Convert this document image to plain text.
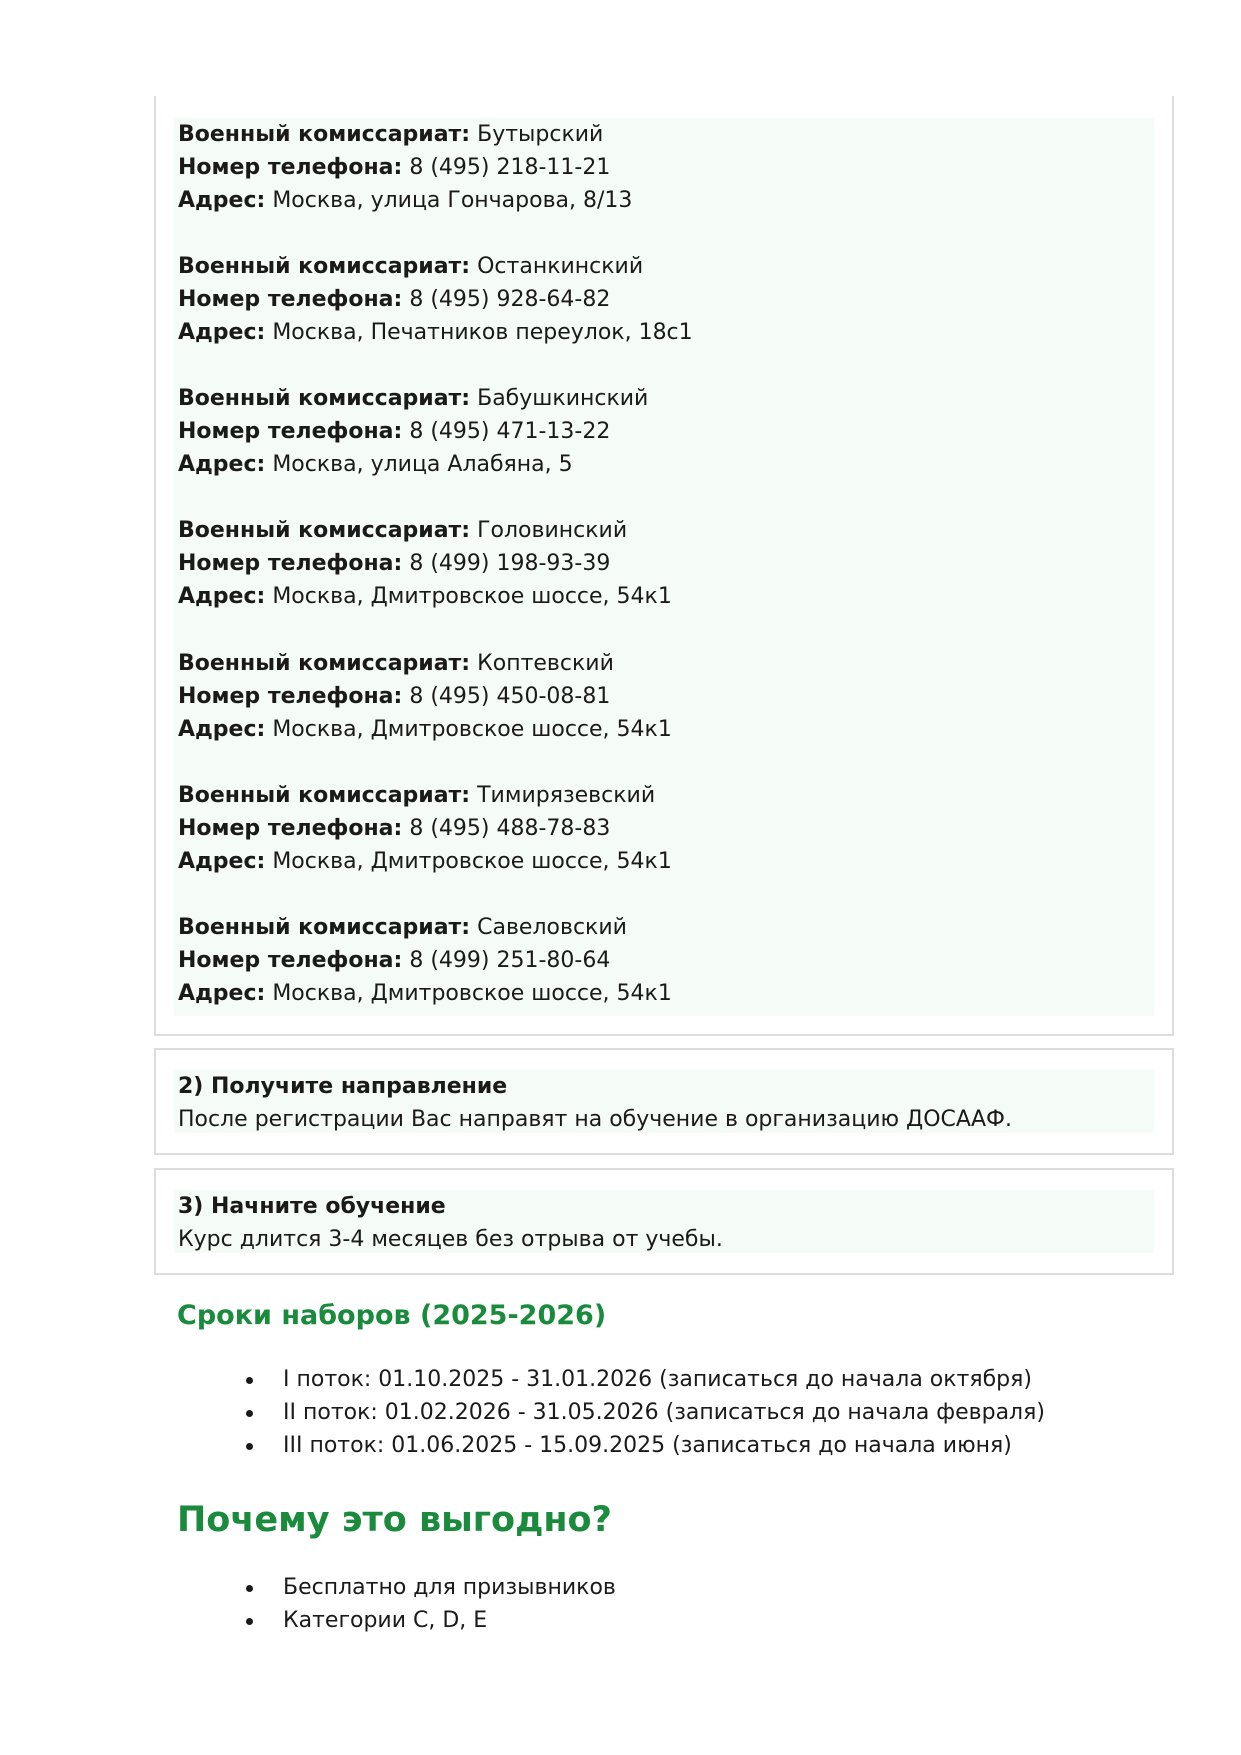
Военный комиссариат: Бутырский
Номер телефона: 8 (495) 218-11-21
Адрес: Москва, улица Гончарова, 8/13
Военный комиссариат: Останкинский
Номер телефона: 8 (495) 928-64-82
Адрес: Москва, Печатников переулок, 18с1
Военный комиссариат: Бабушкинский
Номер телефона: 8 (495) 471-13-22
Адрес: Москва, улица Алабяна, 5
Военный комиссариат: Головинский
Номер телефона: 8 (499) 198-93-39
Адрес: Москва, Дмитровское шоссе, 54к1
Военный комиссариат: Коптевский
Номер телефона: 8 (495) 450-08-81
Адрес: Москва, Дмитровское шоссе, 54к1
Военный комиссариат: Тимирязевский
Номер телефона: 8 (495) 488-78-83
Адрес: Москва, Дмитровское шоссе, 54к1
Военный комиссариат: Савеловский
Номер телефона: 8 (499) 251-80-64
Адрес: Москва, Дмитровское шоссе, 54к1
2) Получите направление
После регистрации Вас направят на обучение в организацию ДОСААФ.
3) Начните обучение
Курс длится 3-4 месяцев без отрыва от учебы.
Сроки наборов (2025-2026)
I поток: 01.10.2025 - 31.01.2026 (записаться до начала октября)
II поток: 01.02.2026 - 31.05.2026 (записаться до начала февраля)
III поток: 01.06.2025 - 15.09.2025 (записаться до начала июня)
Почему это выгодно?
Бесплатно для призывников
Категории C, D, E
